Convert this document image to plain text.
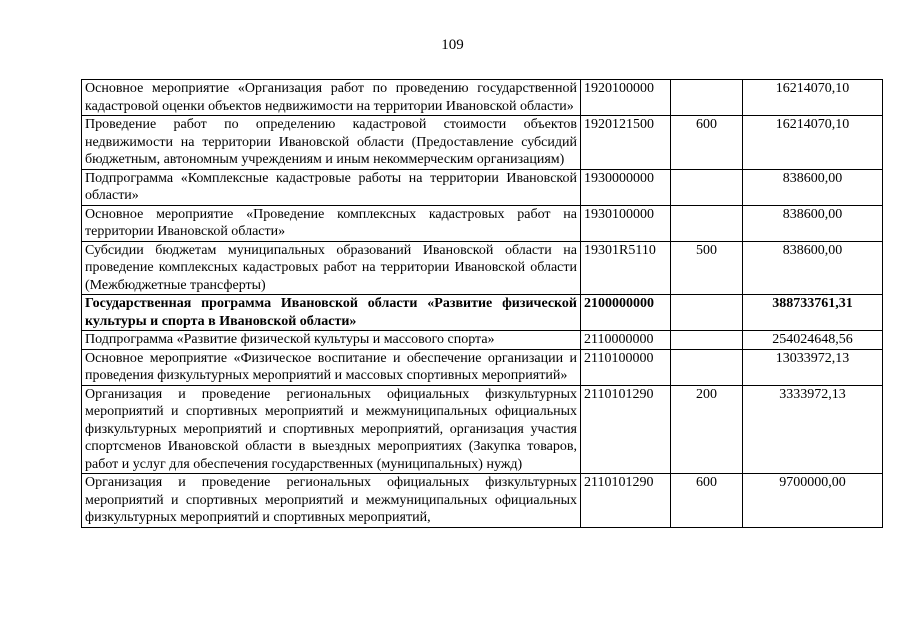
109
Основное мероприятие «Организация работ по проведению государственной кадастровой оценки объектов недвижимости на территории Ивановской области»	1920100000		16214070,10
Проведение работ по определению кадастровой стоимости объектов недвижимости на территории Ивановской области (Предоставление субсидий бюджетным, автономным учреждениям и иным некоммерческим организациям)	1920121500	600	16214070,10
Подпрограмма «Комплексные кадастровые работы на территории Ивановской области»	1930000000		838600,00
Основное мероприятие «Проведение комплексных кадастровых работ на территории Ивановской области»	1930100000		838600,00
Субсидии бюджетам муниципальных образований Ивановской области на проведение комплексных кадастровых работ на территории Ивановской области (Межбюджетные трансферты)	19301R5110	500	838600,00
Государственная программа Ивановской области «Развитие физической культуры и спорта в Ивановской области»	2100000000		388733761,31
Подпрограмма «Развитие физической культуры и массового спорта»	2110000000		254024648,56
Основное мероприятие «Физическое воспитание и обеспечение организации и проведения физкультурных мероприятий и массовых спортивных мероприятий»	2110100000		13033972,13
Организация и проведение региональных официальных физкультурных мероприятий и спортивных мероприятий и межмуниципальных официальных физкультурных мероприятий и спортивных мероприятий, организация участия спортсменов Ивановской области в выездных мероприятиях (Закупка товаров, работ и услуг для обеспечения государственных (муниципальных) нужд)	2110101290	200	3333972,13
Организация и проведение региональных официальных физкультурных мероприятий и спортивных мероприятий и межмуниципальных официальных физкультурных мероприятий и спортивных мероприятий,	2110101290	600	9700000,00
